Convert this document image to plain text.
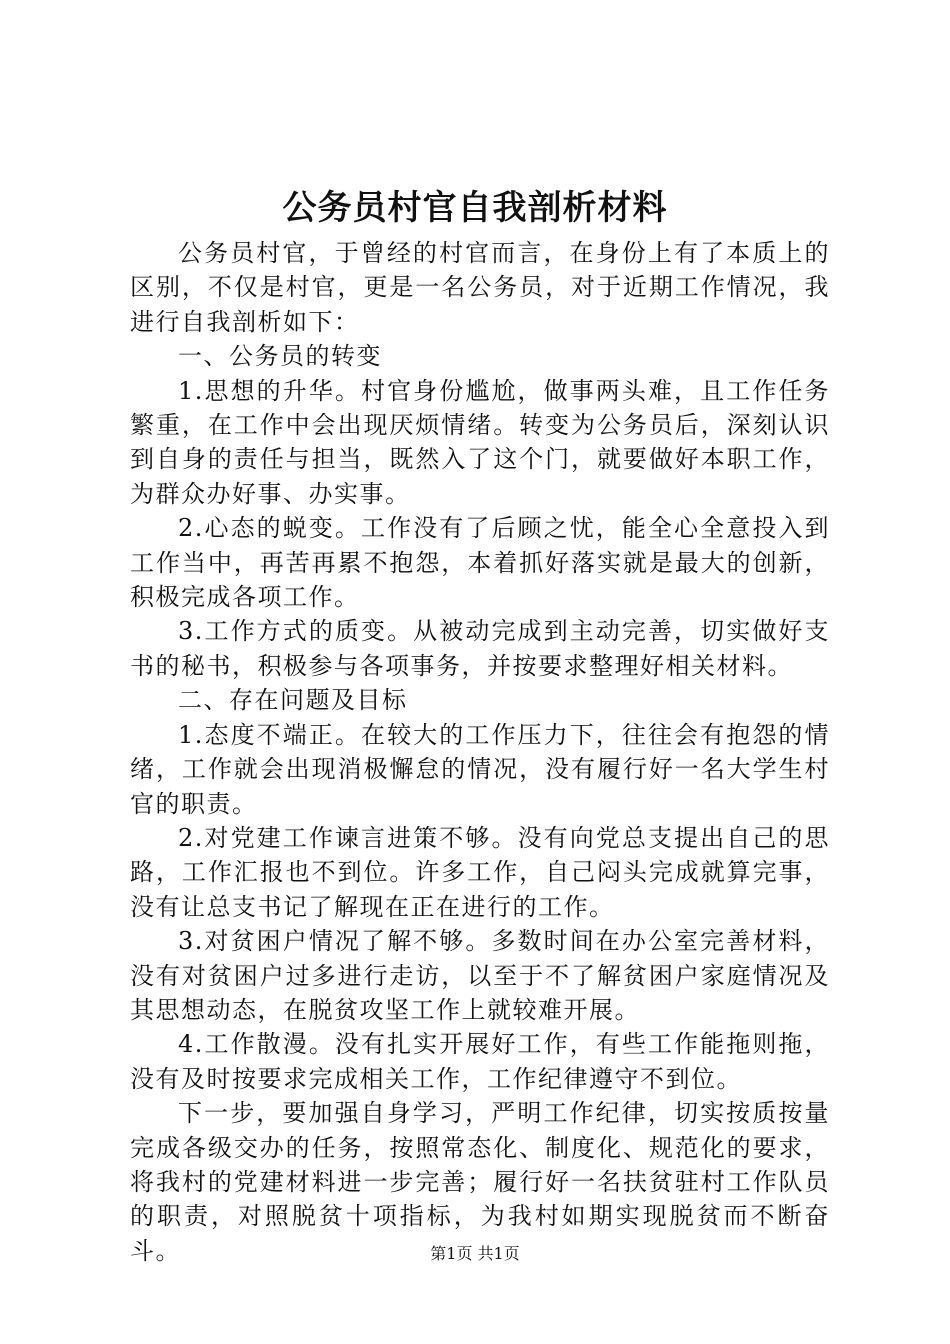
公务员村官自我剖析材料

公务员村官，于曾经的村官而言，在身份上有了本质上的区别，不仅是村官，更是一名公务员，对于近期工作情况，我进行自我剖析如下：

一、公务员的转变

1.思想的升华。村官身份尴尬，做事两头难，且工作任务繁重，在工作中会出现厌烦情绪。转变为公务员后，深刻认识到自身的责任与担当，既然入了这个门，就要做好本职工作，为群众办好事、办实事。

2.心态的蜕变。工作没有了后顾之忧，能全心全意投入到工作当中，再苦再累不抱怨，本着抓好落实就是最大的创新，积极完成各项工作。

3.工作方式的质变。从被动完成到主动完善，切实做好支书的秘书，积极参与各项事务，并按要求整理好相关材料。

二、存在问题及目标

1.态度不端正。在较大的工作压力下，往往会有抱怨的情绪，工作就会出现消极懈怠的情况，没有履行好一名大学生村官的职责。

2.对党建工作谏言进策不够。没有向党总支提出自己的思路，工作汇报也不到位。许多工作，自己闷头完成就算完事，没有让总支书记了解现在正在进行的工作。

3.对贫困户情况了解不够。多数时间在办公室完善材料，没有对贫困户过多进行走访，以至于不了解贫困户家庭情况及其思想动态，在脱贫攻坚工作上就较难开展。

4.工作散漫。没有扎实开展好工作，有些工作能拖则拖，没有及时按要求完成相关工作，工作纪律遵守不到位。

下一步，要加强自身学习，严明工作纪律，切实按质按量完成各级交办的任务，按照常态化、制度化、规范化的要求，将我村的党建材料进一步完善；履行好一名扶贫驻村工作队员的职责，对照脱贫十项指标，为我村如期实现脱贫而不断奋斗。	第1页 共1页
